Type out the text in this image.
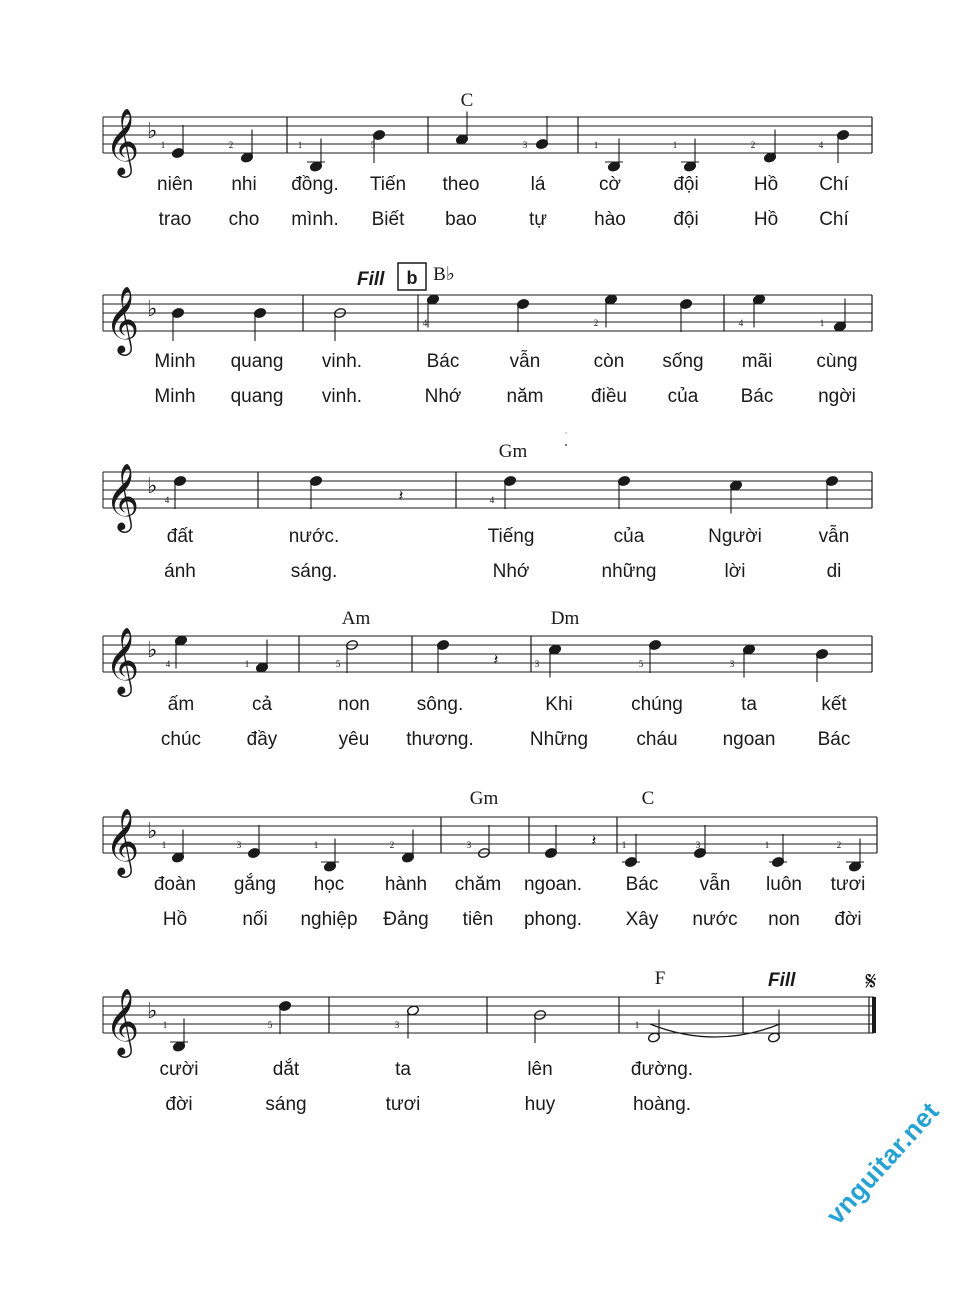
𝄞 ♭
1	2	1	5	3	1	1	2	4
C
niên nhi đồng. Tiến theo	lá	cờ	đội	Hồ Chí
trao cho mình. Biết bao	tự hào đội	Hồ Chí
𝄞 ♭
4	2	4	1
B♭
Minh quang vinh.	Bác	vẫn	còn sống mãi cùng
Minh quang vinh.	Nhớ năm	điều của Bác ngời
𝄞 ♭	𝄽
4	4
Gm
đất	nước.	Tiếng	của	Người	vẫn
ánh	sáng.	Nhớ	những	lời	di
𝄞 ♭	𝄽
4	1	5	3	5	3
Am	Dm
ấm	cả	non sông.	Khi	chúng	ta	kết
chúc đầy	yêu thương.	Những	cháu ngoan Bác
𝄞 ♭	𝄽
1	3	1	2	3	1	3	1	2
Gm	C
đoàn gắng học hành chăm ngoan. Bác vẫn luôn tươi
Hồ	nối nghiệp Đảng tiên phong. Xây nước non đời
𝄞 ♭
1	5	3	1
F
cười	dắt	ta	lên	đường.
đời	sáng	tươi	huy	hoàng.
Fill b
Fill	𝄋
vnguitar.net
